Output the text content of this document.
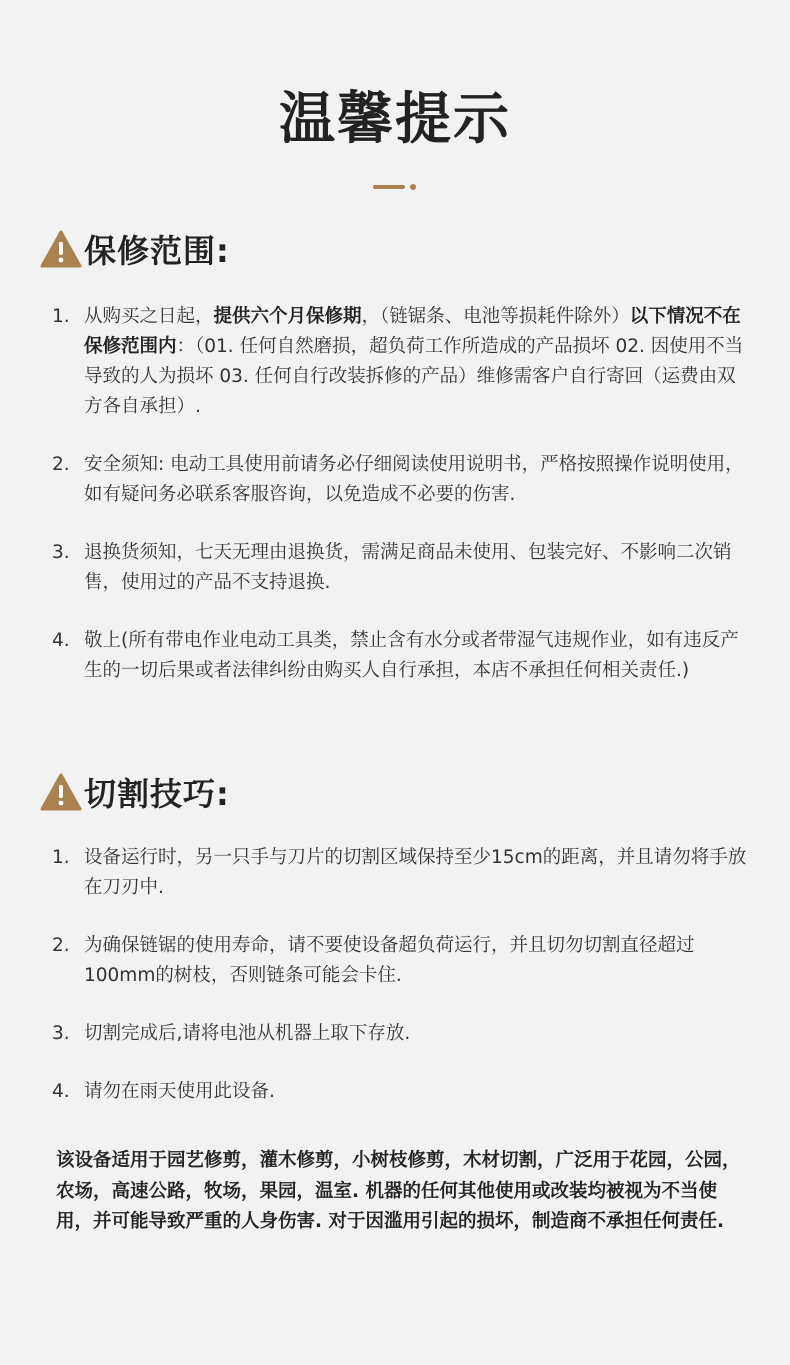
温馨提示
保修范围:
1. 从购买之日起，提供六个月保修期，（链锯条、电池等损耗件除外）以下情况不在保修范围内：（01. 任何自然磨损，超负荷工作所造成的产品损坏 02. 因使用不当导致的人为损坏 03. 任何自行改装拆修的产品）维修需客户自行寄回（运费由双方各自承担）.
2. 安全须知: 电动工具使用前请务必仔细阅读使用说明书，严格按照操作说明使用，如有疑问务必联系客服咨询，以免造成不必要的伤害.
3. 退换货须知，七天无理由退换货，需满足商品未使用、包装完好、不影响二次销售，使用过的产品不支持退换.
4. 敬上(所有带电作业电动工具类，禁止含有水分或者带湿气违规作业，如有违反产生的一切后果或者法律纠纷由购买人自行承担，本店不承担任何相关责任.)
切割技巧:
1. 设备运行时，另一只手与刀片的切割区域保持至少15cm的距离，并且请勿将手放在刀刃中.
2. 为确保链锯的使用寿命，请不要使设备超负荷运行，并且切勿切割直径超过100mm的树枝，否则链条可能会卡住.
3. 切割完成后,请将电池从机器上取下存放.
4. 请勿在雨天使用此设备.
该设备适用于园艺修剪，灌木修剪，小树枝修剪，木材切割，广泛用于花园，公园，农场，高速公路，牧场，果园，温室. 机器的任何其他使用或改装均被视为不当使用，并可能导致严重的人身伤害. 对于因滥用引起的损坏，制造商不承担任何责任.
